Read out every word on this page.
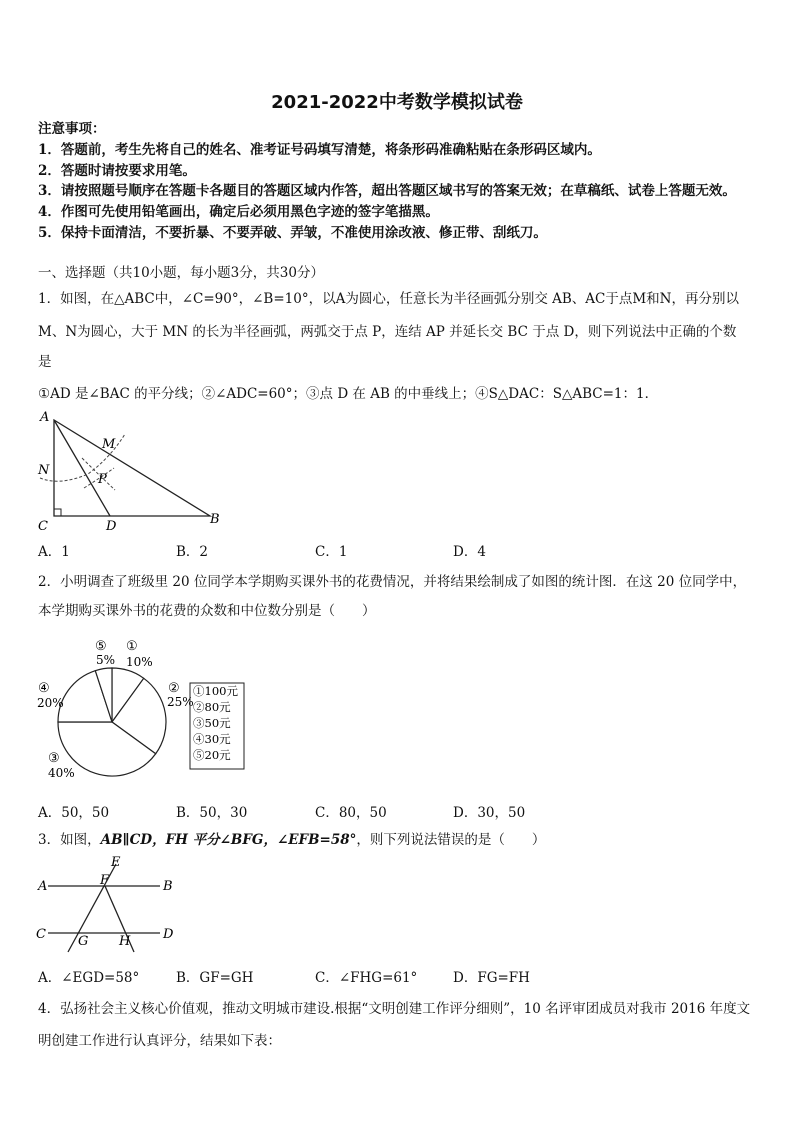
2021-2022中考数学模拟试卷
注意事项：
1．答题前，考生先将自己的姓名、准考证号码填写清楚，将条形码准确粘贴在条形码区域内。
2．答题时请按要求用笔。
3．请按照题号顺序在答题卡各题目的答题区域内作答，超出答题区域书写的答案无效；在草稿纸、试卷上答题无效。
4．作图可先使用铅笔画出，确定后必须用黑色字迹的签字笔描黑。
5．保持卡面清洁，不要折暴、不要弄破、弄皱，不准使用涂改液、修正带、刮纸刀。
一、选择题（共10小题，每小题3分，共30分）
1．如图，在△ABC中，∠C=90°，∠B=10°，以A为圆心，任意长为半径画弧分别交 AB、AC于点M和N，再分别以
M、N为圆心，大于 MN 的长为半径画弧，两弧交于点 P，连结 AP 并延长交 BC 于点 D，则下列说法中正确的个数
是
①AD 是∠BAC 的平分线；②∠ADC=60°；③点 D 在 AB 的中垂线上；④S△DAC：S△ABC=1：1．
A
C	D	B
M
N
P
A．1	B．2	C．1	D．4
2．小明调查了班级里 20 位同学本学期购买课外书的花费情况，并将结果绘制成了如图的统计图．在这 20 位同学中，
本学期购买课外书的花费的众数和中位数分别是（　　）
⑤
5%
①
10%
②
25%
④
20%
③
40%
①100元
②80元
③50元
④30元
⑤20元
A．50，50	B．50，30	C．80，50	D．30，50
3．如图，AB∥CD，FH 平分∠BFG，∠EFB=58°，则下列说法错误的是（　　）
A	B
C	D
E
F
G H
A．∠EGD=58°	B．GF=GH	C．∠FHG=61°	D．FG=FH
4．弘扬社会主义核心价值观，推动文明城市建设.根据“文明创建工作评分细则”，10 名评审团成员对我市 2016 年度文
明创建工作进行认真评分，结果如下表：
